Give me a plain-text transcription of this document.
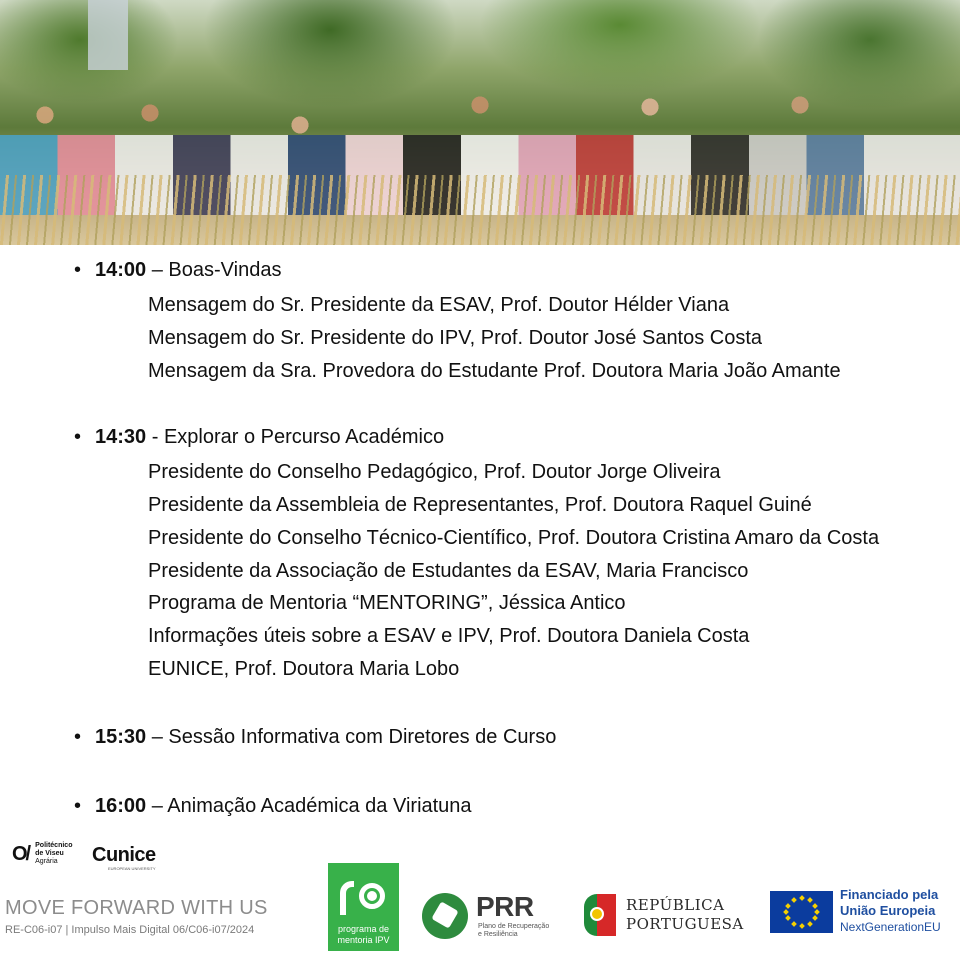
• 14:00 – Boas-Vindas
Mensagem do Sr. Presidente da ESAV, Prof. Doutor Hélder Viana
Mensagem do Sr. Presidente do IPV, Prof. Doutor José Santos Costa
Mensagem da Sra. Provedora do Estudante Prof. Doutora Maria João Amante
• 14:30 - Explorar o Percurso Académico
Presidente do Conselho Pedagógico, Prof. Doutor Jorge Oliveira
Presidente da Assembleia de Representantes, Prof. Doutora Raquel Guiné
Presidente do Conselho Técnico-Científico, Prof. Doutora Cristina Amaro da Costa
Presidente da Associação de Estudantes da ESAV, Maria Francisco
Programa de Mentoria “MENTORING”, Jéssica Antico
Informações úteis sobre a ESAV e IPV, Prof. Doutora Daniela Costa
EUNICE, Prof. Doutora Maria Lobo
• 15:30 – Sessão Informativa com Diretores de Curso
• 16:00 – Animação Académica da Viriatuna
O/ Politécnico
de Viseu
Agrária	Cunice
EUROPEAN UNIVERSITY
MOVE FORWARD WITH US
RE-C06-i07 | Impulso Mais Digital 06/C06-i07/2024	programa de
mentoria IPV
PRR
Plano de Recuperação
e Resiliência
REPÚBLICA
PORTUGUESA
Financiado pela
União Europeia
NextGenerationEU
